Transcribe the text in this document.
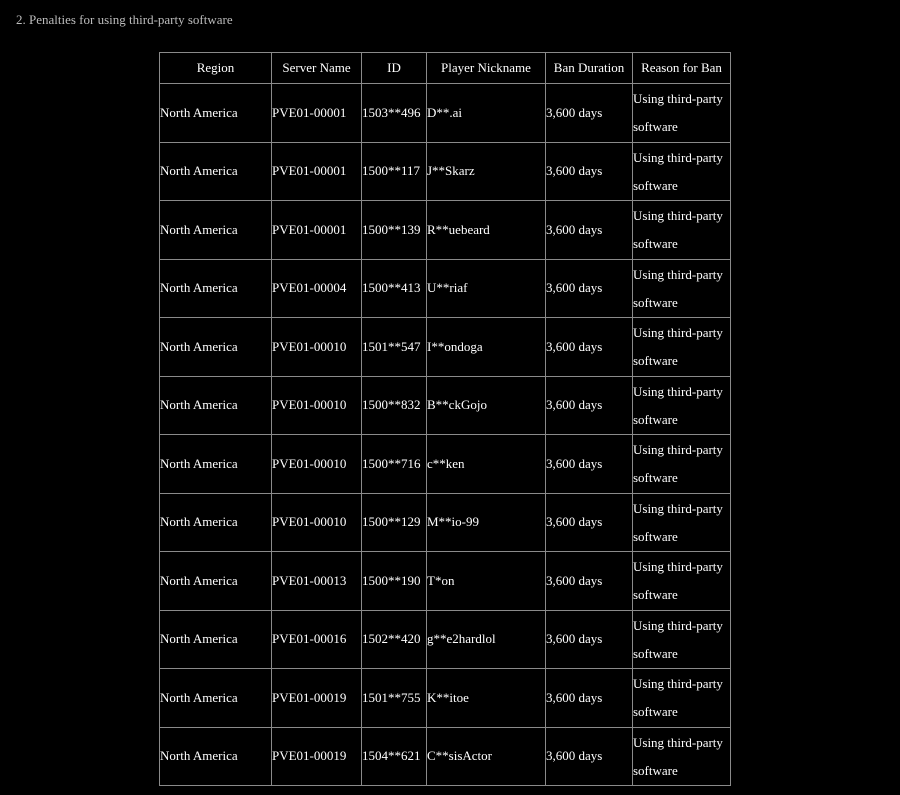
2. Penalties for using third-party software
Region	Server Name	ID	Player Nickname	Ban Duration	Reason for Ban
North America	PVE01-00001	1503**496	D**.ai	3,600 days	Using third-party software
North America	PVE01-00001	1500**117	J**Skarz	3,600 days	Using third-party software
North America	PVE01-00001	1500**139	R**uebeard	3,600 days	Using third-party software
North America	PVE01-00004	1500**413	U**riaf	3,600 days	Using third-party software
North America	PVE01-00010	1501**547	I**ondoga	3,600 days	Using third-party software
North America	PVE01-00010	1500**832	B**ckGojo	3,600 days	Using third-party software
North America	PVE01-00010	1500**716	c**ken	3,600 days	Using third-party software
North America	PVE01-00010	1500**129	M**io-99	3,600 days	Using third-party software
North America	PVE01-00013	1500**190	T*on	3,600 days	Using third-party software
North America	PVE01-00016	1502**420	g**e2hardlol	3,600 days	Using third-party software
North America	PVE01-00019	1501**755	K**itoe	3,600 days	Using third-party software
North America	PVE01-00019	1504**621	C**sisActor	3,600 days	Using third-party software
